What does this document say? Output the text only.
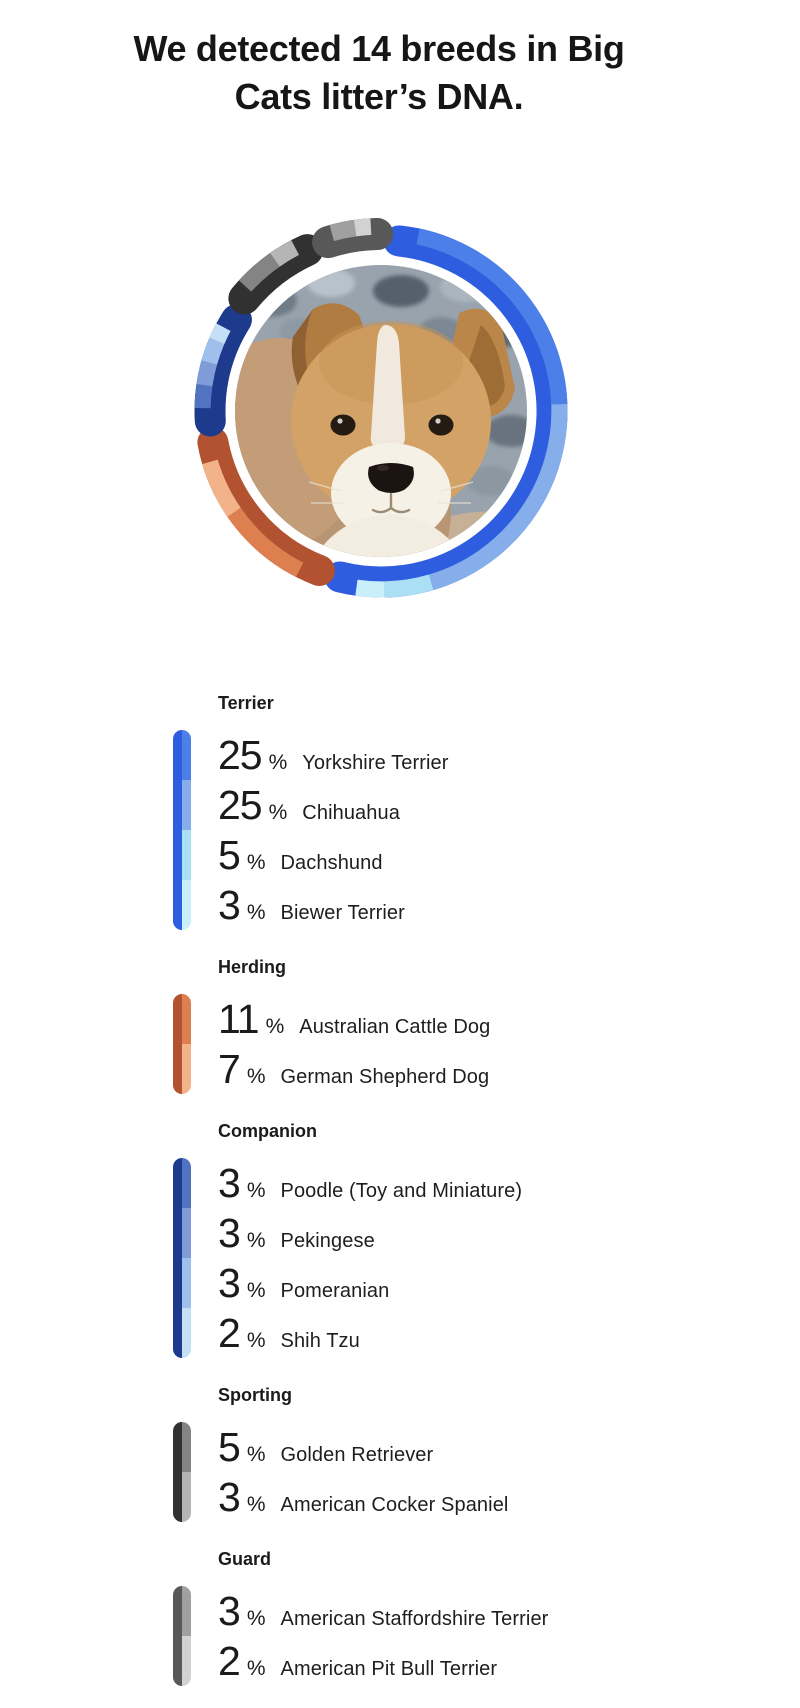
We detected 14 breeds in Big Cats litter’s DNA.
Terrier
25 % Yorkshire Terrier
25 % Chihuahua
5 % Dachshund
3 % Biewer Terrier
Herding
11 % Australian Cattle Dog
7 % German Shepherd Dog
Companion
3 % Poodle (Toy and Miniature)
3 % Pekingese
3 % Pomeranian
2 % Shih Tzu
Sporting
5 % Golden Retriever
3 % American Cocker Spaniel
Guard
3 % American Staffordshire Terrier
2 % American Pit Bull Terrier
